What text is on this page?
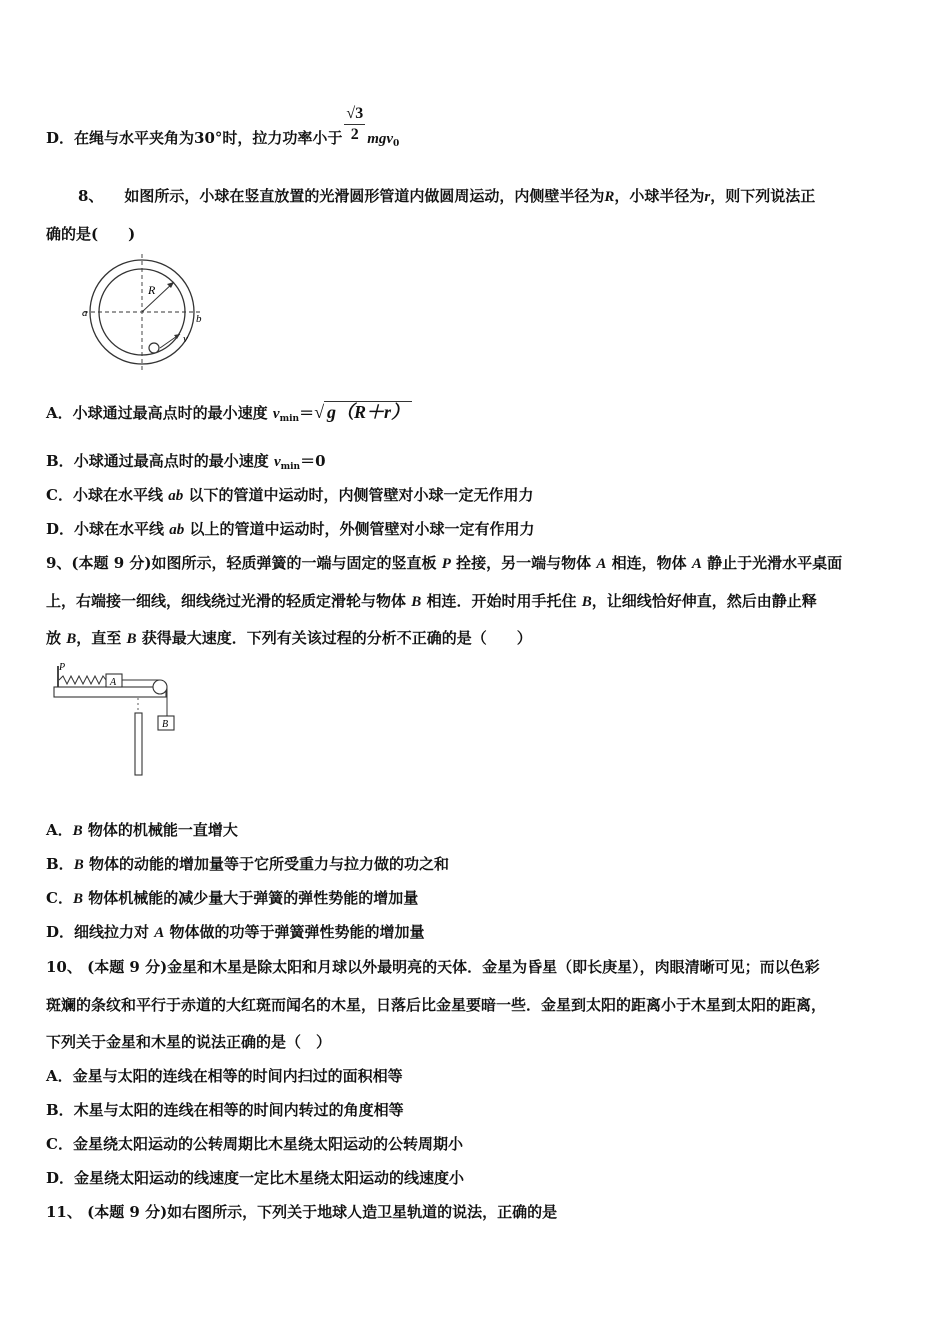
D．在绳与水平夹角为30°时，拉力功率小于 $\frac{√3}{2} mgv_0$
8、 如图所示，小球在竖直放置的光滑圆形管道内做圆周运动，内侧壁半径为R，小球半径为r，则下列说法正
确的是(　　)
R
a	b
v
A．小球通过最高点时的最小速度 $v_{min}=√$ g（R＋r）
B．小球通过最高点时的最小速度 $v_{min}=0$
C．小球在水平线 ab 以下的管道中运动时，内侧管壁对小球一定无作用力
D．小球在水平线 ab 以上的管道中运动时，外侧管壁对小球一定有作用力
9、(本题 9 分)如图所示，轻质弹簧的一端与固定的竖直板 P 拴接，另一端与物体 A 相连，物体 A 静止于光滑水平桌面
上，右端接一细线，细线绕过光滑的轻质定滑轮与物体 B 相连．开始时用手托住 B，让细线恰好伸直，然后由静止释
放 B，直至 B 获得最大速度．下列有关该过程的分析不正确的是（　　）
P
A
B
A．B 物体的机械能一直增大
B．B 物体的动能的增加量等于它所受重力与拉力做的功之和
C．B 物体机械能的减少量大于弹簧的弹性势能的增加量
D．细线拉力对 A 物体做的功等于弹簧弹性势能的增加量
10、 (本题 9 分)金星和木星是除太阳和月球以外最明亮的天体．金星为昏星（即长庚星），肉眼清晰可见；而以色彩
斑斓的条纹和平行于赤道的大红斑而闻名的木星，日落后比金星要暗一些．金星到太阳的距离小于木星到太阳的距离，
下列关于金星和木星的说法正确的是（　）
A．金星与太阳的连线在相等的时间内扫过的面积相等
B．木星与太阳的连线在相等的时间内转过的角度相等
C．金星绕太阳运动的公转周期比木星绕太阳运动的公转周期小
D．金星绕太阳运动的线速度一定比木星绕太阳运动的线速度小
11、 (本题 9 分)如右图所示，下列关于地球人造卫星轨道的说法，正确的是
